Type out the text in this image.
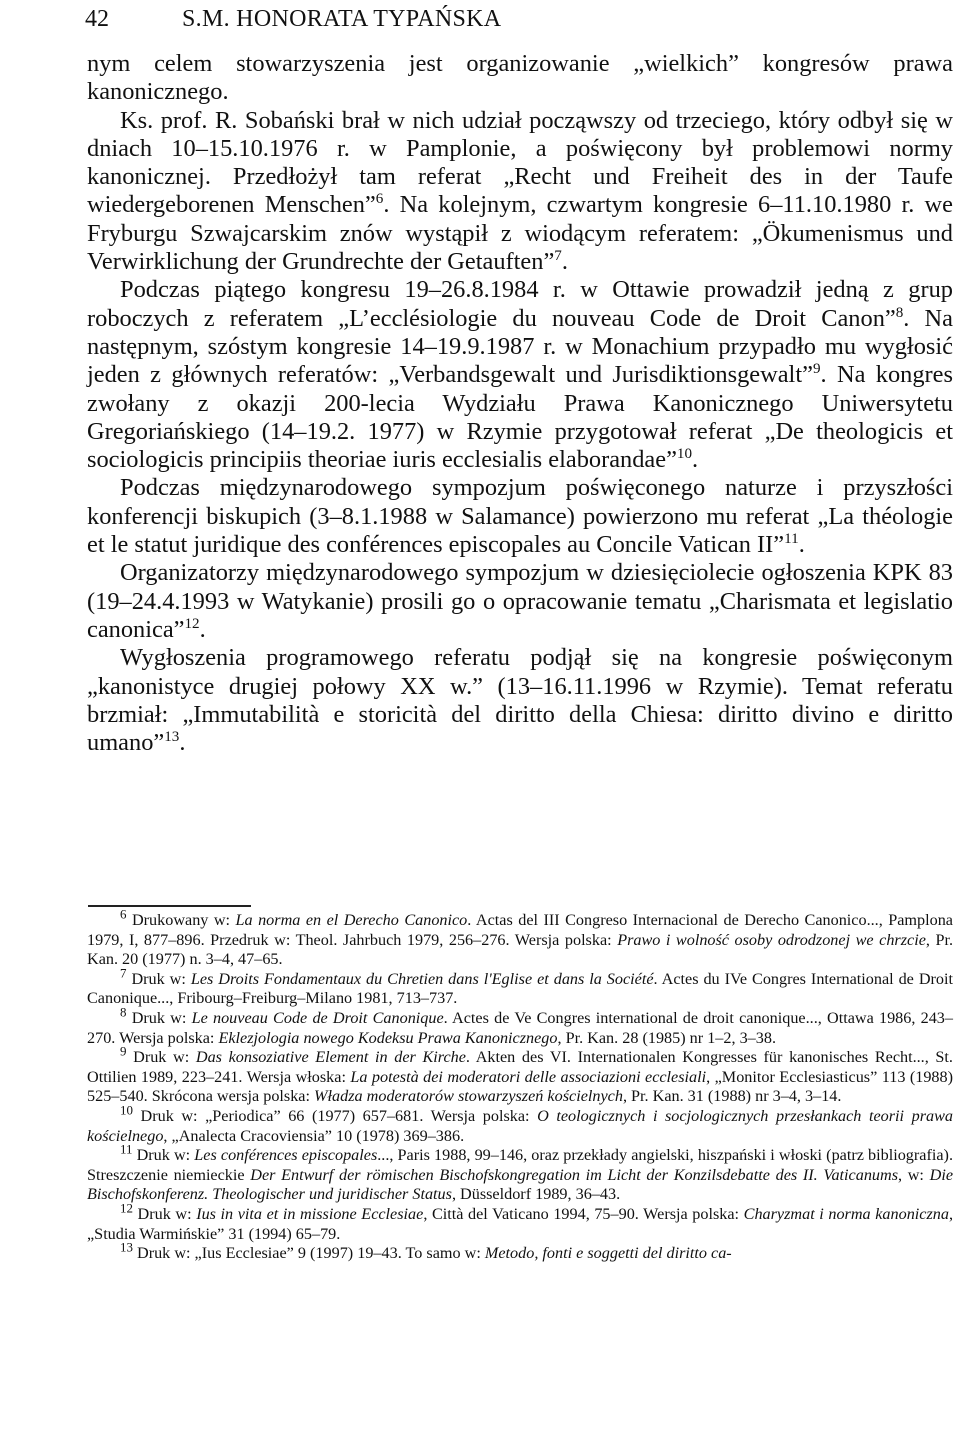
42	S.M. HONORATA TYPAŃSKA

nym celem stowarzyszenia jest organizowanie „wielkich” kongresów prawa kanonicznego.

Ks. prof. R. Sobański brał w nich udział począwszy od trzeciego, który odbył się w dniach 10–15.10.1976 r. w Pamplonie, a poświęcony był problemowi normy kanonicznej. Przedłożył tam referat „Recht und Freiheit des in der Taufe wiedergeborenen Menschen”$^6$. Na kolejnym, czwartym kongresie 6–11.10.1980 r. we Fryburgu Szwajcarskim znów wystąpił z wiodącym referatem: „Ökumenismus und Verwirklichung der Grundrechte der Getauften”$^7$.

Podczas piątego kongresu 19–26.8.1984 r. w Ottawie prowadził jedną z grup roboczych z referatem „L’ecclésiologie du nouveau Code de Droit Canon”$^8$. Na następnym, szóstym kongresie 14–19.9.1987 r. w Monachium przypadło mu wygłosić jeden z głównych referatów: „Verbandsgewalt und Jurisdiktionsgewalt”$^9$. Na kongres zwołany z okazji 200-lecia Wydziału Prawa Kanonicznego Uniwersytetu Gregoriańskiego (14–19.2. 1977) w Rzymie przygotował referat „De theologicis et sociologicis principiis theoriae iuris ecclesialis elaborandae”$^{10}$.

Podczas międzynarodowego sympozjum poświęconego naturze i przyszłości konferencji biskupich (3–8.1.1988 w Salamance) powierzono mu referat „La théologie et le statut juridique des conférences episcopales au Concile Vatican II”$^{11}$.

Organizatorzy międzynarodowego sympozjum w dziesięciolecie ogłoszenia KPK 83 (19–24.4.1993 w Watykanie) prosili go o opracowanie tematu „Charismata et legislatio canonica”$^{12}$.

Wygłoszenia programowego referatu podjął się na kongresie poświęconym „kanonistyce drugiej połowy XX w.” (13–16.11.1996 w Rzymie). Temat referatu brzmiał: „Immutabilità e storicità del diritto della Chiesa: diritto divino e diritto umano”$^{13}$.

$^6$ Drukowany w: La norma en el Derecho Canonico. Actas del III Congreso Internacional de Derecho Canonico..., Pamplona 1979, I, 877–896. Przedruk w: Theol. Jahrbuch 1979, 256–276. Wersja polska: Prawo i wolność osoby odrodzonej we chrzcie, Pr. Kan. 20 (1977) n. 3–4, 47–65.

$^7$ Druk w: Les Droits Fondamentaux du Chretien dans l'Eglise et dans la Société. Actes du IVe Congres International de Droit Canonique..., Fribourg–Freiburg–Milano 1981, 713–737.

$^8$ Druk w: Le nouveau Code de Droit Canonique. Actes de Ve Congres international de droit canonique..., Ottawa 1986, 243–270. Wersja polska: Eklezjologia nowego Kodeksu Prawa Kanonicznego, Pr. Kan. 28 (1985) nr 1–2, 3–38.

$^9$ Druk w: Das konsoziative Element in der Kirche. Akten des VI. Internationalen Kongresses für kanonisches Recht..., St. Ottilien 1989, 223–241. Wersja włoska: La potestà dei moderatori delle associazioni ecclesiali, „Monitor Ecclesiasticus” 113 (1988) 525–540. Skrócona wersja polska: Władza moderatorów stowarzyszeń kościelnych, Pr. Kan. 31 (1988) nr 3–4, 3–14.

$^{10}$ Druk w: „Periodica” 66 (1977) 657–681. Wersja polska: O teologicznych i socjologicznych przesłankach teorii prawa kościelnego, „Analecta Cracoviensia” 10 (1978) 369–386.

$^{11}$ Druk w: Les conférences episcopales..., Paris 1988, 99–146, oraz przekłady angielski, hiszpański i włoski (patrz bibliografia). Streszczenie niemieckie Der Entwurf der römischen Bischofskongregation im Licht der Konzilsdebatte des II. Vaticanums, w: Die Bischofskonferenz. Theologischer und juridischer Status, Düsseldorf 1989, 36–43.

$^{12}$ Druk w: Ius in vita et in missione Ecclesiae, Città del Vaticano 1994, 75–90. Wersja polska: Charyzmat i norma kanoniczna, „Studia Warmińskie” 31 (1994) 65–79.

$^{13}$ Druk w: „Ius Ecclesiae” 9 (1997) 19–43. To samo w: Metodo, fonti e soggetti del diritto ca-
